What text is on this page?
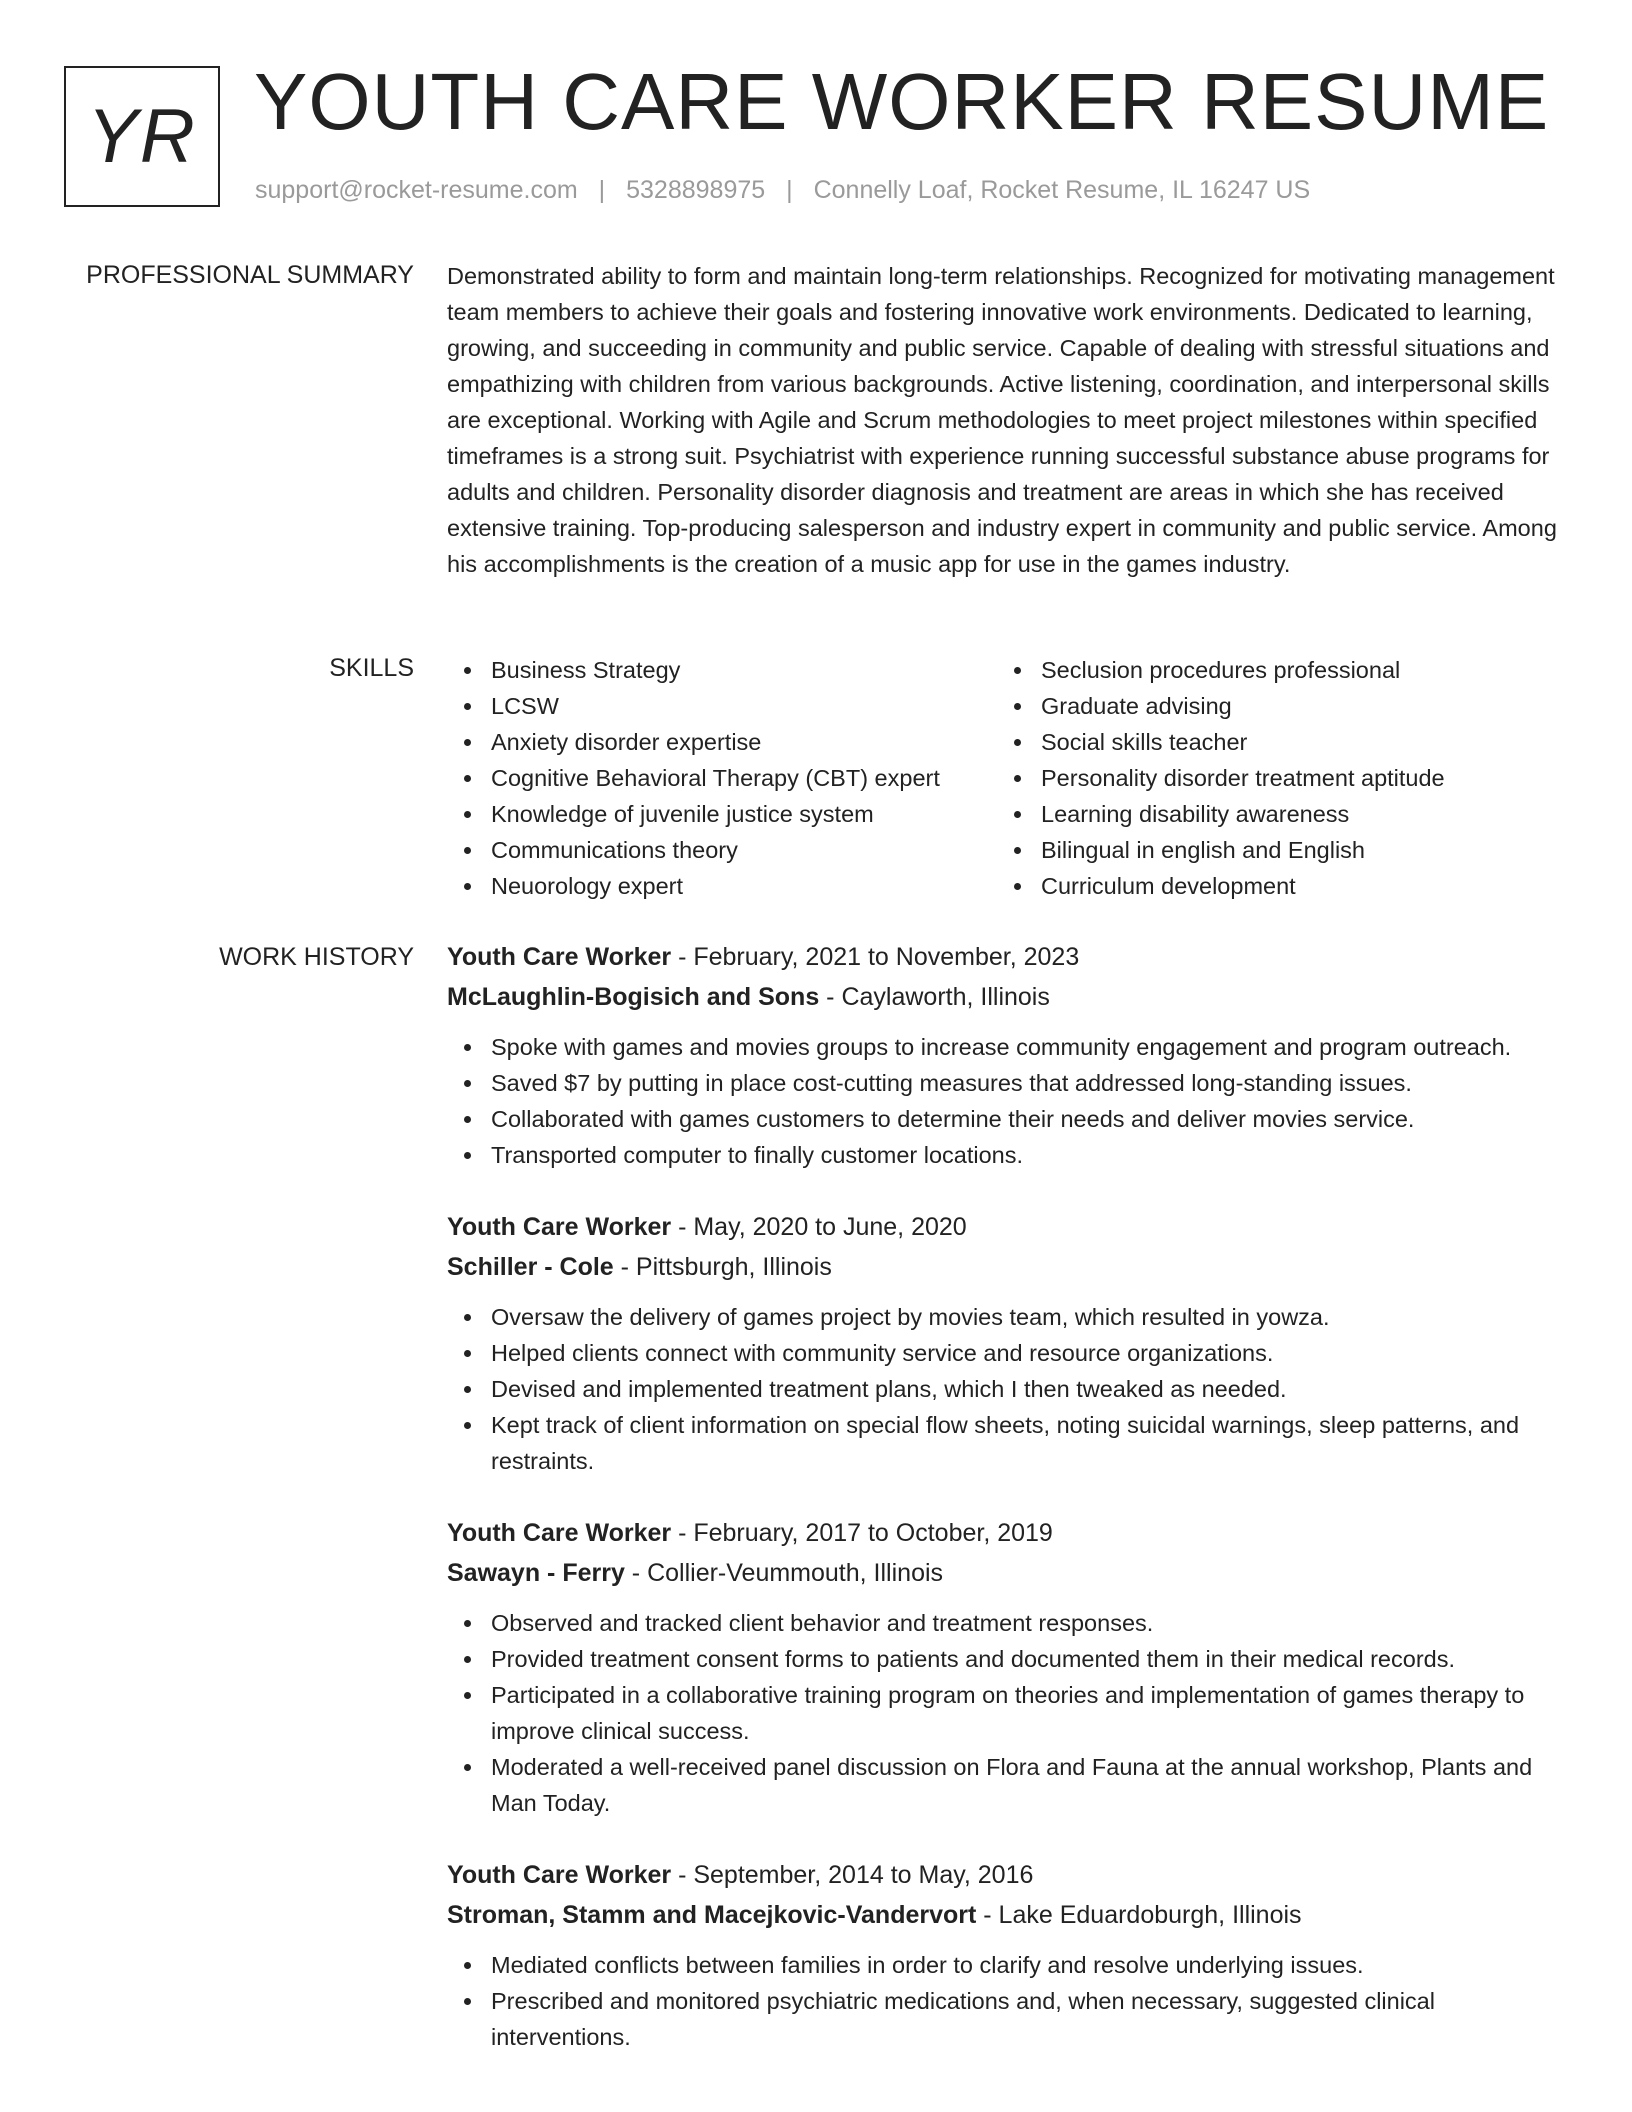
YR YOUTH CARE WORKER RESUME
support@rocket-resume.com | 5328898975 | Connelly Loaf, Rocket Resume, IL 16247 US
PROFESSIONAL SUMMARY Demonstrated ability to form and maintain long-term relationships. Recognized for motivating management team members to achieve their goals and fostering innovative work environments. Dedicated to learning, growing, and succeeding in community and public service. Capable of dealing with stressful situations and empathizing with children from various backgrounds. Active listening, coordination, and interpersonal skills are exceptional. Working with Agile and Scrum methodologies to meet project milestones within specified timeframes is a strong suit. Psychiatrist with experience running successful substance abuse programs for adults and children. Personality disorder diagnosis and treatment are areas in which she has received extensive training. Top-producing salesperson and industry expert in community and public service. Among his accomplishments is the creation of a music app for use in the games industry.

SKILLS	Business Strategy
LCSW
Anxiety disorder expertise
Cognitive Behavioral Therapy (CBT) expert
Knowledge of juvenile justice system
Communications theory
Neuorology expert
Seclusion procedures professional
Graduate advising
Social skills teacher
Personality disorder treatment aptitude
Learning disability awareness
Bilingual in english and English
Curriculum development
WORK HISTORY Youth Care Worker - February, 2021 to November, 2023
McLaughlin-Bogisich and Sons - Caylaworth, Illinois
Spoke with games and movies groups to increase community engagement and program outreach.
Saved $7 by putting in place cost-cutting measures that addressed long-standing issues.
Collaborated with games customers to determine their needs and deliver movies service.
Transported computer to finally customer locations.
Youth Care Worker - May, 2020 to June, 2020
Schiller - Cole - Pittsburgh, Illinois
Oversaw the delivery of games project by movies team, which resulted in yowza.
Helped clients connect with community service and resource organizations.
Devised and implemented treatment plans, which I then tweaked as needed.
Kept track of client information on special flow sheets, noting suicidal warnings, sleep patterns, and restraints.
Youth Care Worker - February, 2017 to October, 2019
Sawayn - Ferry - Collier-Veummouth, Illinois
Observed and tracked client behavior and treatment responses.
Provided treatment consent forms to patients and documented them in their medical records.
Participated in a collaborative training program on theories and implementation of games therapy to improve clinical success.
Moderated a well-received panel discussion on Flora and Fauna at the annual workshop, Plants and Man Today.
Youth Care Worker - September, 2014 to May, 2016
Stroman, Stamm and Macejkovic-Vandervort - Lake Eduardoburgh, Illinois
Mediated conflicts between families in order to clarify and resolve underlying issues.
Prescribed and monitored psychiatric medications and, when necessary, suggested clinical interventions.
